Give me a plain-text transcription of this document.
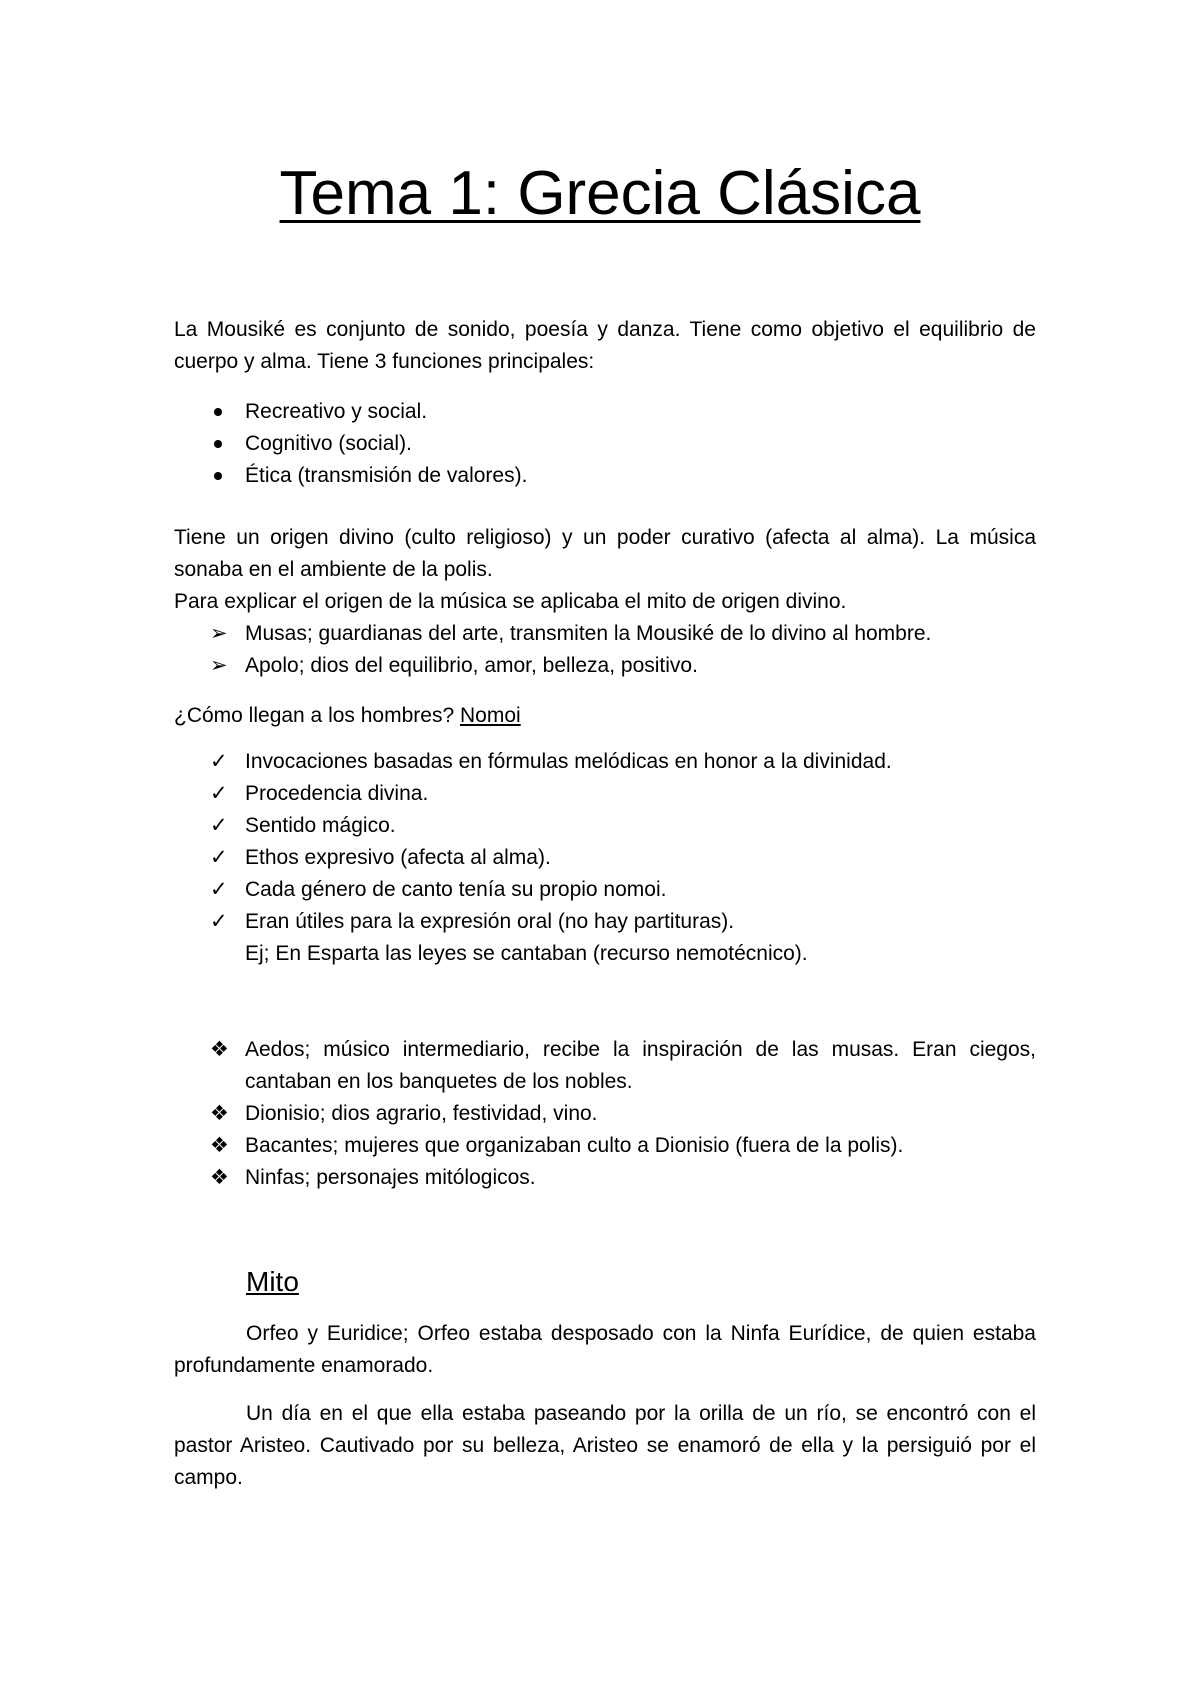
Tema 1: Grecia Clásica

La Mousiké es conjunto de sonido, poesía y danza. Tiene como objetivo el equilibrio de cuerpo y alma. Tiene 3 funciones principales:

Recreativo y social.
Cognitivo (social).
Ética (transmisión de valores).

Tiene un origen divino (culto religioso) y un poder curativo (afecta al alma). La música sonaba en el ambiente de la polis.

Para explicar el origen de la música se aplicaba el mito de origen divino.

➢ Musas; guardianas del arte, transmiten la Mousiké de lo divino al hombre.
➢ Apolo; dios del equilibrio, amor, belleza, positivo.

¿Cómo llegan a los hombres? Nomoi

✓ Invocaciones basadas en fórmulas melódicas en honor a la divinidad.
✓ Procedencia divina.
✓ Sentido mágico.
✓ Ethos expresivo (afecta al alma).
✓ Cada género de canto tenía su propio nomoi.
✓ Eran útiles para la expresión oral (no hay partituras).
Ej; En Esparta las leyes se cantaban (recurso nemotécnico).
❖ Aedos; músico intermediario, recibe la inspiración de las musas. Eran ciegos, cantaban en los banquetes de los nobles.
❖ Dionisio; dios agrario, festividad, vino.
❖ Bacantes; mujeres que organizaban culto a Dionisio (fuera de la polis).
❖ Ninfas; personajes mitólogicos.
Mito

Orfeo y Euridice; Orfeo estaba desposado con la Ninfa Eurídice, de quien estaba profundamente enamorado.

Un día en el que ella estaba paseando por la orilla de un río, se encontró con el pastor Aristeo. Cautivado por su belleza, Aristeo se enamoró de ella y la persiguió por el campo.
